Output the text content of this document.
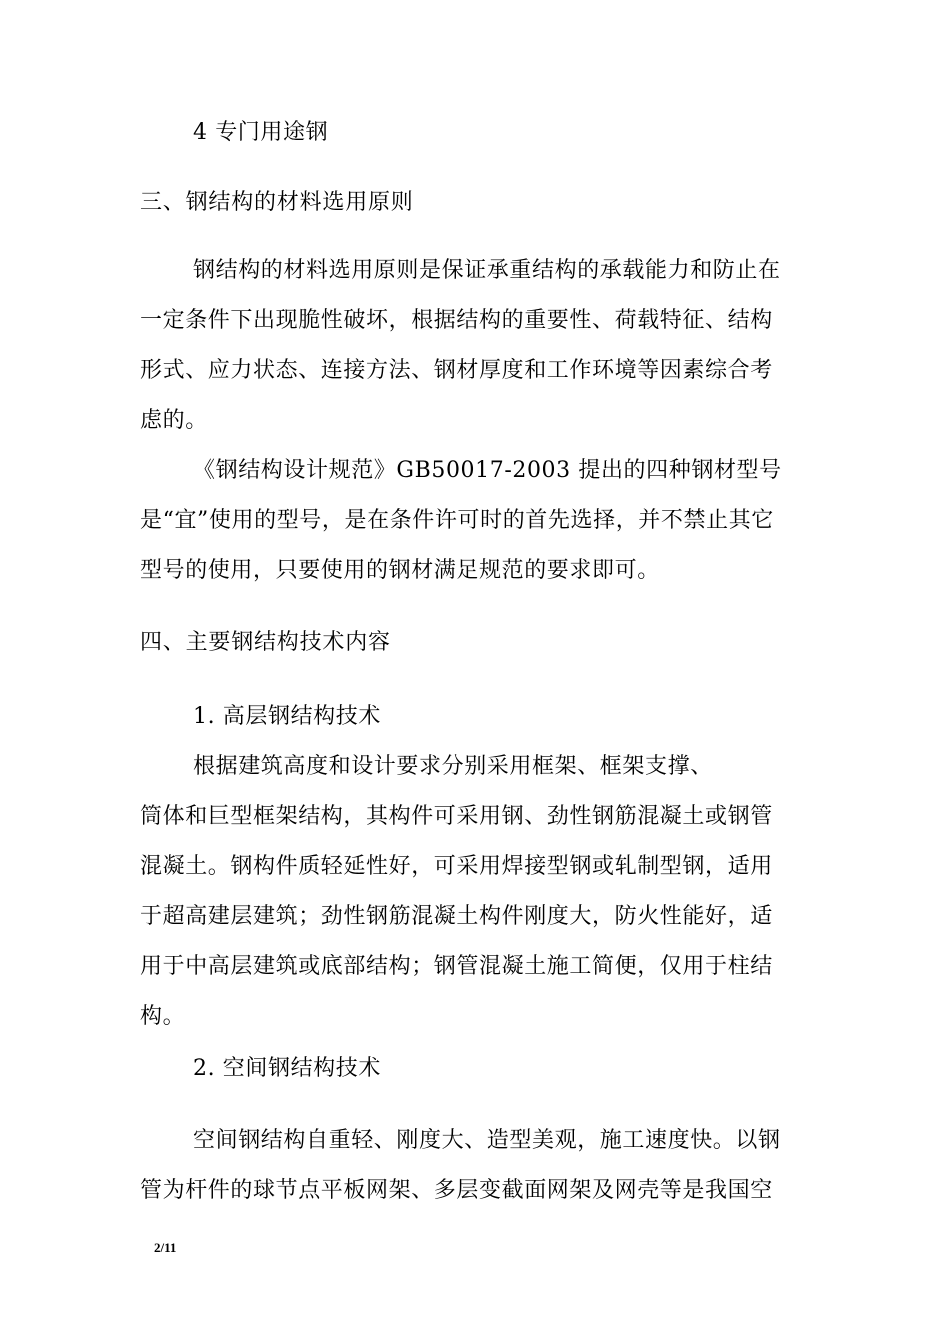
4 专门用途钢
三、钢结构的材料选用原则
钢结构的材料选用原则是保证承重结构的承载能力和防止在
一定条件下出现脆性破坏，根据结构的重要性、荷载特征、结构
形式、应力状态、连接方法、钢材厚度和工作环境等因素综合考
虑的。
《钢结构设计规范》GB50017-2003 提出的四种钢材型号
是“宜”使用的型号，是在条件许可时的首先选择，并不禁止其它
型号的使用，只要使用的钢材满足规范的要求即可。
四、主要钢结构技术内容
1. 高层钢结构技术
根据建筑高度和设计要求分别采用框架、框架支撑、
筒体和巨型框架结构，其构件可采用钢、劲性钢筋混凝土或钢管
混凝土。钢构件质轻延性好，可采用焊接型钢或轧制型钢，适用
于超高建层建筑；劲性钢筋混凝土构件刚度大，防火性能好，适
用于中高层建筑或底部结构；钢管混凝土施工简便，仅用于柱结
构。
2. 空间钢结构技术
空间钢结构自重轻、刚度大、造型美观，施工速度快。以钢
管为杆件的球节点平板网架、多层变截面网架及网壳等是我国空
2/11
